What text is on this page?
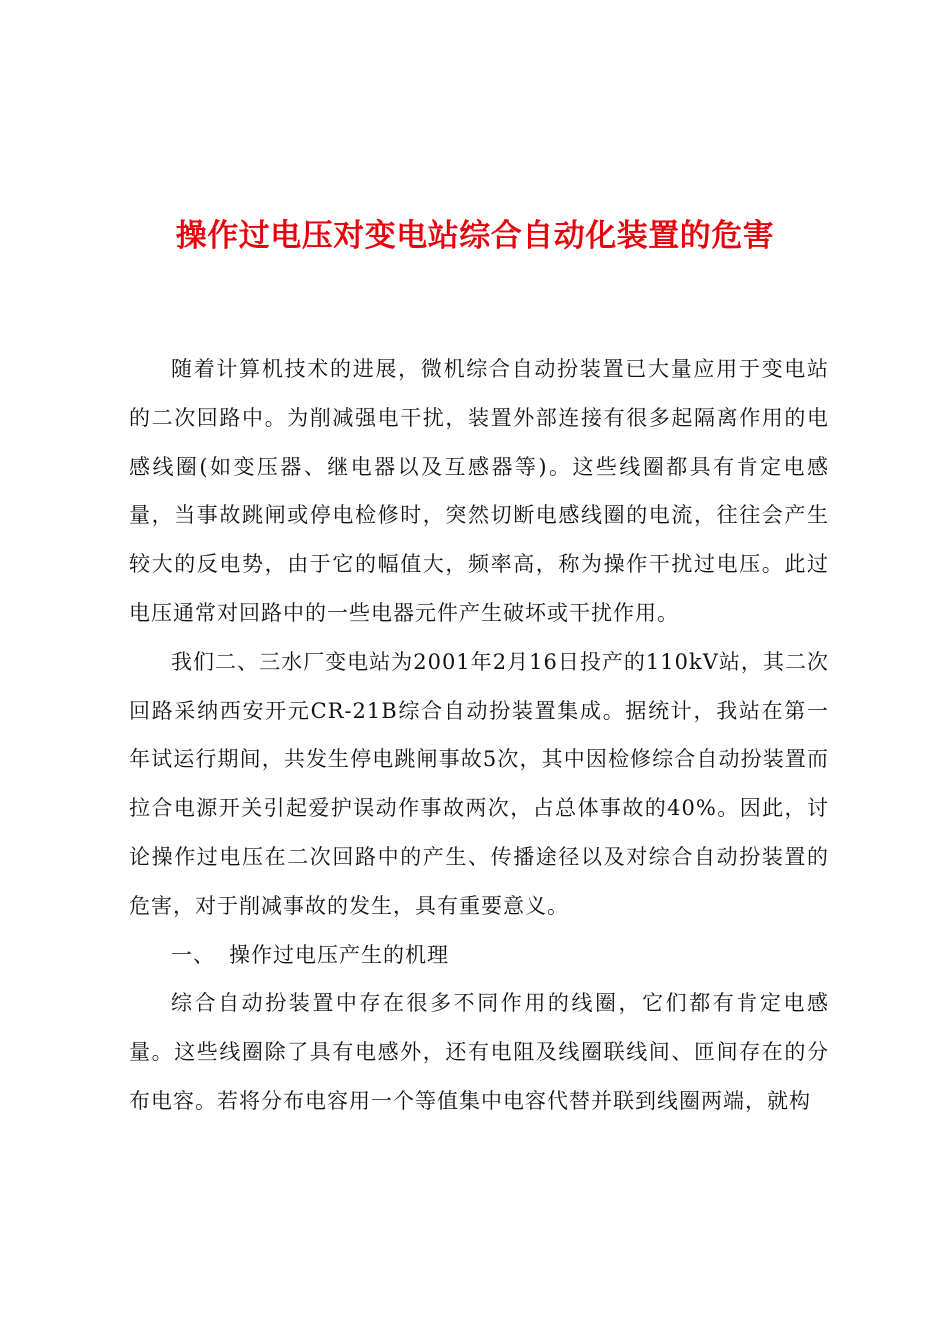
操作过电压对变电站综合自动化装置的危害

随着计算机技术的进展，微机综合自动扮装置已大量应用于变电站的二次回路中。为削减强电干扰，装置外部连接有很多起隔离作用的电感线圈(如变压器、继电器以及互感器等)。这些线圈都具有肯定电感量，当事故跳闸或停电检修时，突然切断电感线圈的电流，往往会产生较大的反电势，由于它的幅值大，频率高，称为操作干扰过电压。此过电压通常对回路中的一些电器元件产生破坏或干扰作用。

我们二、三水厂变电站为2001年2月16日投产的110kV站，其二次回路采纳西安开元CR-21B综合自动扮装置集成。据统计，我站在第一年试运行期间，共发生停电跳闸事故5次，其中因检修综合自动扮装置而拉合电源开关引起爱护误动作事故两次，占总体事故的40%。因此，讨论操作过电压在二次回路中的产生、传播途径以及对综合自动扮装置的危害，对于削减事故的发生，具有重要意义。

一、 操作过电压产生的机理

综合自动扮装置中存在很多不同作用的线圈，它们都有肯定电感量。这些线圈除了具有电感外，还有电阻及线圈联线间、匝间存在的分布电容。若将分布电容用一个等值集中电容代替并联到线圈两端，就构
